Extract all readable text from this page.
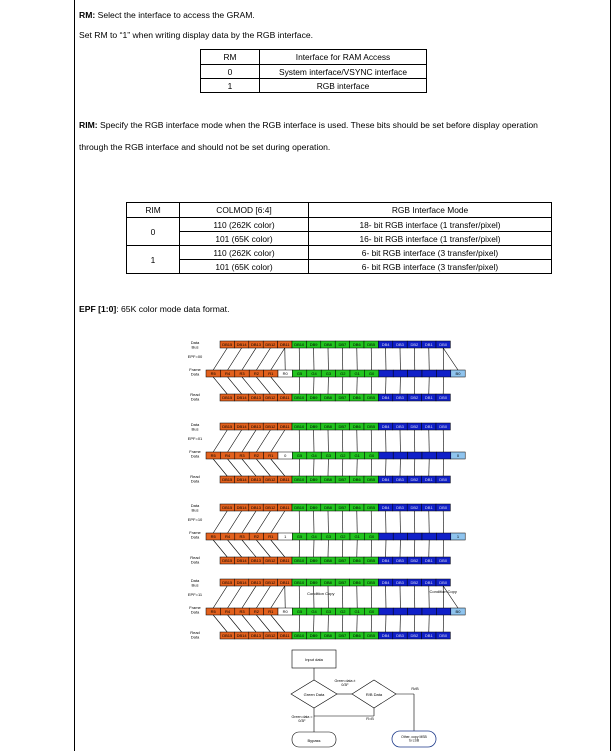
RM: Select the interface to access the GRAM.
Set RM to “1” when writing display data by the RGB interface.
RM	Interface for RAM Access
0	System interface/VSYNC interface
1	RGB interface
RIM: Specify the RGB interface mode when the RGB interface is used. These bits should be set before display operation
through the RGB interface and should not be set during operation.
RIM	COLMOD [6:4]	RGB Interface Mode
0	110 (262K color)	18- bit RGB interface (1 transfer/pixel)
	101 (65K color)	16- bit RGB interface (1 transfer/pixel)
1	110 (262K color)	6- bit RGB interface (3 transfer/pixel)
	101 (65K color)	6- bit RGB interface (3 transfer/pixel)
EPF [1:0]: 65K color mode data format.
Data
Bus
EPF=00
Frame
Data
Read
Data
DB15 DB14 DB13 DB12 DB11 DB10 DB9 DB8 DB7 DB6 DB5 DB4 DB3 DB2 DB1 DB0
R5 R4 R3 R2 R1 R0 G5 G4 G3 G2 G1 G0	B0
DB15 DB14 DB13 DB12 DB11 DB10 DB9 DB8 DB7 DB6 DB5 DB4 DB3 DB2 DB1 DB0
Data
Bus
EPF=01
Frame
Data
Read
Data
DB15 DB14 DB13 DB12 DB11 DB10 DB9 DB8 DB7 DB6 DB5 DB4 DB3 DB2 DB1 DB0
R5 R4 R3 R2 R1	0	G5 G4 G3 G2 G1 G0	0
DB15 DB14 DB13 DB12 DB11 DB10 DB9 DB8 DB7 DB6 DB5 DB4 DB3 DB2 DB1 DB0
Data
Bus
EPF=10
Frame
Data
Read
Data
DB15 DB14 DB13 DB12 DB11 DB10 DB9 DB8 DB7 DB6 DB5 DB4 DB3 DB2 DB1 DB0
R5 R4 R3 R2 R1	1	G5 G4 G3 G2 G1 G0	1
DB15 DB14 DB13 DB12 DB11 DB10 DB9 DB8 DB7 DB6 DB5 DB4 DB3 DB2 DB1 DB0
Data
Bus
EPF=11
Frame
Data
Read
Data
DB15 DB14 DB13 DB12 DB11 DB10 DB9 DB8 DB7 DB6 DB5 DB4 DB3 DB2 DB1 DB0
R5 R4 R3 R2 R1 R0 G5 G4 G3 G2 G1 G0	B0
DB15 DB14 DB13 DB12 DB11 DB10 DB9 DB8 DB7 DB6 DB5 DB4 DB3 DB2 DB1 DB0
Condition Copy	Condition Copy
Input data
Green Data	R/B Data
Green data ≠
0/3F
R≠B
R=B
Green data =
0/3F
Bypass
Other, copy MSB
to LSB
